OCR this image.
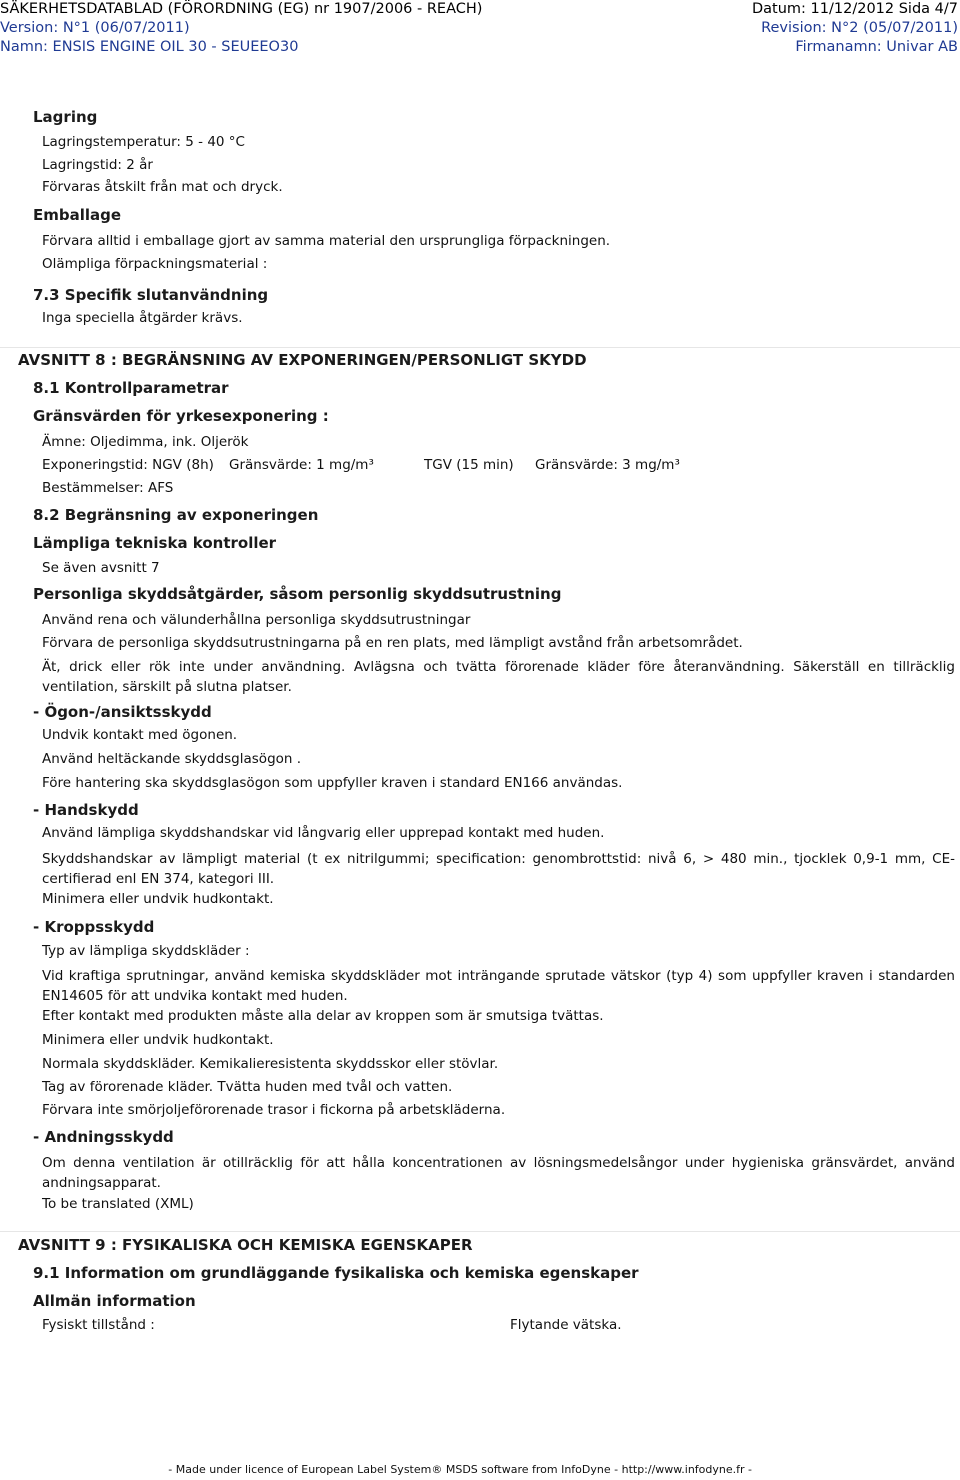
SÄKERHETSDATABLAD (FÖRORDNING (EG) nr 1907/2006 - REACH)	Datum: 11/12/2012 Sida 4/7
Version: N°1 (06/07/2011)	Revision: N°2 (05/07/2011)
Namn: ENSIS ENGINE OIL 30 - SEUEEO30	Firmanamn: Univar AB
Lagring
Lagringstemperatur: 5 - 40 °C
Lagringstid: 2 år
Förvaras åtskilt från mat och dryck.
Emballage
Förvara alltid i emballage gjort av samma material den ursprungliga förpackningen.
Olämpliga förpackningsmaterial :
7.3 Specifik slutanvändning
Inga speciella åtgärder krävs.
AVSNITT 8 : BEGRÄNSNING AV EXPONERINGEN/PERSONLIGT SKYDD
8.1 Kontrollparametrar
Gränsvärden för yrkesexponering :
Ämne: Oljedimma, ink. Oljerök
Exponeringstid: NGV (8h) Gränsvärde: 1 mg/m³	TGV (15 min) Gränsvärde: 3 mg/m³
Bestämmelser: AFS
8.2 Begränsning av exponeringen
Lämpliga tekniska kontroller
Se även avsnitt 7
Personliga skyddsåtgärder, såsom personlig skyddsutrustning
Använd rena och välunderhållna personliga skyddsutrustningar
Förvara de personliga skyddsutrustningarna på en ren plats, med lämpligt avstånd från arbetsområdet.
Ät, drick eller rök inte under användning. Avlägsna och tvätta förorenade kläder före återanvändning. Säkerställ en tillräcklig ventilation, särskilt på slutna platser.
- Ögon-/ansiktsskydd
Undvik kontakt med ögonen.
Använd heltäckande skyddsglasögon .
Före hantering ska skyddsglasögon som uppfyller kraven i standard EN166 användas.
- Handskydd
Använd lämpliga skyddshandskar vid långvarig eller upprepad kontakt med huden.
Skyddshandskar av lämpligt material (t ex nitrilgummi; specification: genombrottstid: nivå 6, > 480 min., tjocklek 0,9-1 mm, CE-certifierad enl EN 374, kategori III.
Minimera eller undvik hudkontakt.
- Kroppsskydd
Typ av lämpliga skyddskläder :
Vid kraftiga sprutningar, använd kemiska skyddskläder mot inträngande sprutade vätskor (typ 4) som uppfyller kraven i standarden EN14605 för att undvika kontakt med huden.
Efter kontakt med produkten måste alla delar av kroppen som är smutsiga tvättas.
Minimera eller undvik hudkontakt.
Normala skyddskläder. Kemikalieresistenta skyddsskor eller stövlar.
Tag av förorenade kläder. Tvätta huden med tvål och vatten.
Förvara inte smörjoljeförorenade trasor i fickorna på arbetskläderna.
- Andningsskydd
Om denna ventilation är otillräcklig för att hålla koncentrationen av lösningsmedelsångor under hygieniska gränsvärdet, använd andningsapparat.
To be translated (XML)
AVSNITT 9 : FYSIKALISKA OCH KEMISKA EGENSKAPER
9.1 Information om grundläggande fysikaliska och kemiska egenskaper
Allmän information
Fysiskt tillstånd :	Flytande vätska.
- Made under licence of European Label System® MSDS software from InfoDyne - http://www.infodyne.fr -
